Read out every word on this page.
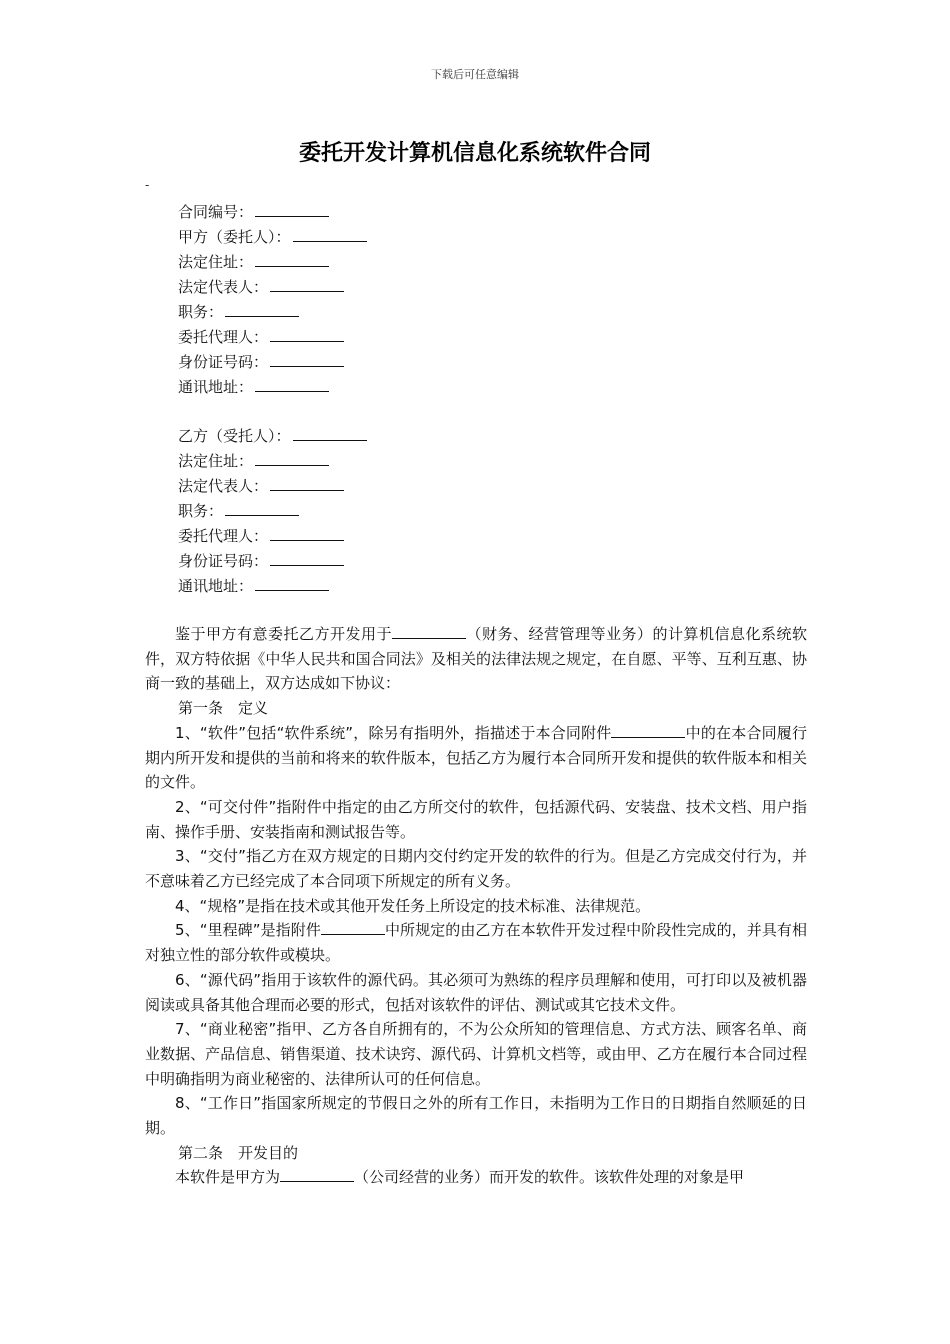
下载后可任意编辑
委托开发计算机信息化系统软件合同
-
合同编号：
甲方（委托人）：
法定住址：
法定代表人：
职务：
委托代理人：
身份证号码：
通讯地址：
乙方（受托人）：
法定住址：
法定代表人：
职务：
委托代理人：
身份证号码：
通讯地址：

鉴于甲方有意委托乙方开发用于	（财务、经营管理等业务）的计算机信息化系统软件，双方特依据《中华人民共和国合同法》及相关的法律法规之规定，在自愿、平等、互利互惠、协商一致的基础上，双方达成如下协议：

第一条　定义

1、“软件”包括“软件系统”，除另有指明外，指描述于本合同附件	中的在本合同履行期内所开发和提供的当前和将来的软件版本，包括乙方为履行本合同所开发和提供的软件版本和相关的文件。

2、“可交付件”指附件中指定的由乙方所交付的软件，包括源代码、安装盘、技术文档、用户指南、操作手册、安装指南和测试报告等。

3、“交付”指乙方在双方规定的日期内交付约定开发的软件的行为。但是乙方完成交付行为，并不意味着乙方已经完成了本合同项下所规定的所有义务。

4、“规格”是指在技术或其他开发任务上所设定的技术标准、法律规范。

5、“里程碑”是指附件	中所规定的由乙方在本软件开发过程中阶段性完成的，并具有相对独立性的部分软件或模块。

6、“源代码”指用于该软件的源代码。其必须可为熟练的程序员理解和使用，可打印以及被机器阅读或具备其他合理而必要的形式，包括对该软件的评估、测试或其它技术文件。

7、“商业秘密”指甲、乙方各自所拥有的，不为公众所知的管理信息、方式方法、顾客名单、商业数据、产品信息、销售渠道、技术诀窍、源代码、计算机文档等，或由甲、乙方在履行本合同过程中明确指明为商业秘密的、法律所认可的任何信息。

8、“工作日”指国家所规定的节假日之外的所有工作日，未指明为工作日的日期指自然顺延的日期。

第二条　开发目的

本软件是甲方为	（公司经营的业务）而开发的软件。该软件处理的对象是甲
